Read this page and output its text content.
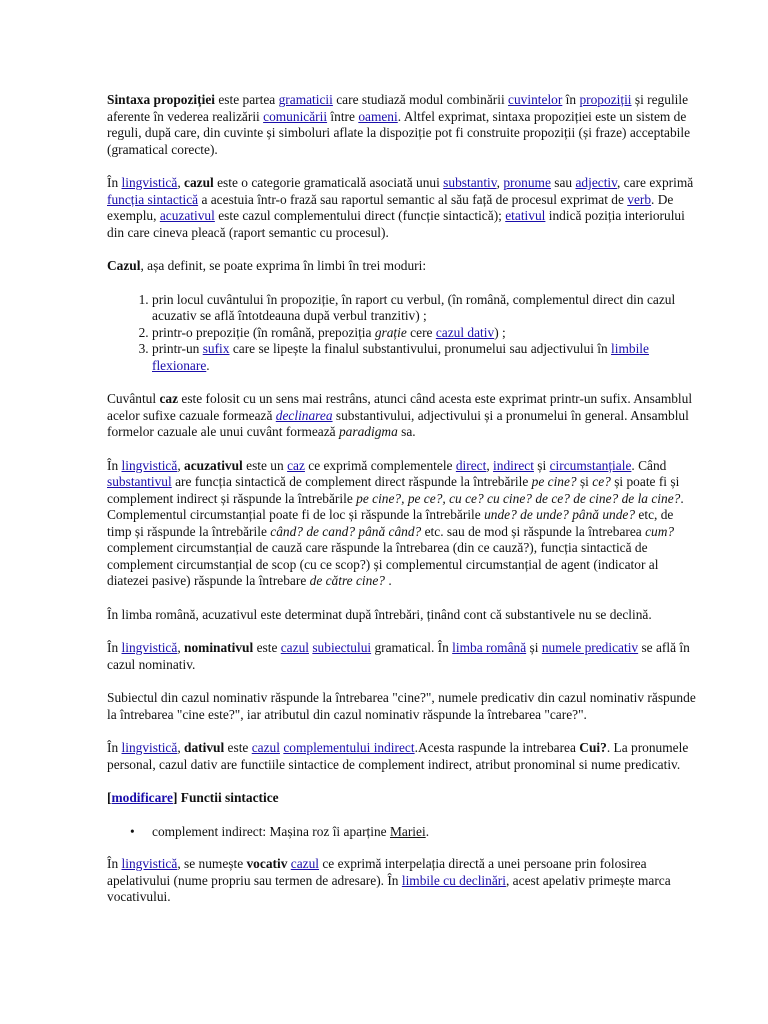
Sintaxa propoziției este partea gramaticii care studiază modul combinării cuvintelor în propoziții și regulile aferente în vederea realizării comunicării între oameni. Altfel exprimat, sintaxa propoziției este un sistem de reguli, după care, din cuvinte și simboluri aflate la dispoziție pot fi construite propoziții (și fraze) acceptabile (gramatical corecte).

În lingvistică, cazul este o categorie gramaticală asociată unui substantiv, pronume sau adjectiv, care exprimă funcția sintactică a acestuia într-o frază sau raportul semantic al său față de procesul exprimat de verb. De exemplu, acuzativul este cazul complementului direct (funcție sintactică); etativul indică poziția interiorului din care cineva pleacă (raport semantic cu procesul).

Cazul, așa definit, se poate exprima în limbi în trei moduri:

1. prin locul cuvântului în propoziție, în raport cu verbul, (în română, complementul direct din cazul acuzativ se află întotdeauna după verbul tranzitiv) ;
2. printr-o prepoziție (în română, prepoziția grație cere cazul dativ) ;
3. printr-un sufix care se lipește la finalul substantivului, pronumelui sau adjectivului în limbile flexionare.

Cuvântul caz este folosit cu un sens mai restrâns, atunci când acesta este exprimat printr-un sufix. Ansamblul acelor sufixe cazuale formează declinarea substantivului, adjectivului și a pronumelui în general. Ansamblul formelor cazuale ale unui cuvânt formează paradigma sa.

În lingvistică, acuzativul este un caz ce exprimă complementele direct, indirect și circumstanțiale. Când substantivul are funcția sintactică de complement direct răspunde la întrebările pe cine? și ce? și poate fi și complement indirect și răspunde la întrebările pe cine?, pe ce?, cu ce? cu cine? de ce? de cine? de la cine?. Complementul circumstanțial poate fi de loc și răspunde la întrebările unde? de unde? până unde? etc, de timp și răspunde la întrebările când? de cand? până când? etc. sau de mod și răspunde la întrebarea cum? complement circumstanțial de cauză care răspunde la întrebarea (din ce cauză?), funcția sintactică de complement circumstanțial de scop (cu ce scop?) și complementul circumstanțial de agent (indicator al diatezei pasive) răspunde la întrebare de către cine? .

În limba română, acuzativul este determinat după întrebări, ținând cont că substantivele nu se declină.

În lingvistică, nominativul este cazul subiectului gramatical. În limba română și numele predicativ se află în cazul nominativ.

Subiectul din cazul nominativ răspunde la întrebarea "cine?", numele predicativ din cazul nominativ răspunde la întrebarea "cine este?", iar atributul din cazul nominativ răspunde la întrebarea "care?".

În lingvistică, dativul este cazul complementului indirect.Acesta raspunde la intrebarea Cui?. La pronumele personal, cazul dativ are functiile sintactice de complement indirect, atribut pronominal si nume predicativ.

[modificare] Functii sintactice

• complement indirect: Mașina roz îi aparține Mariei.

În lingvistică, se numește vocativ cazul ce exprimă interpelația directă a unei persoane prin folosirea apelativului (nume propriu sau termen de adresare). În limbile cu declinări, acest apelativ primește marca vocativului.
